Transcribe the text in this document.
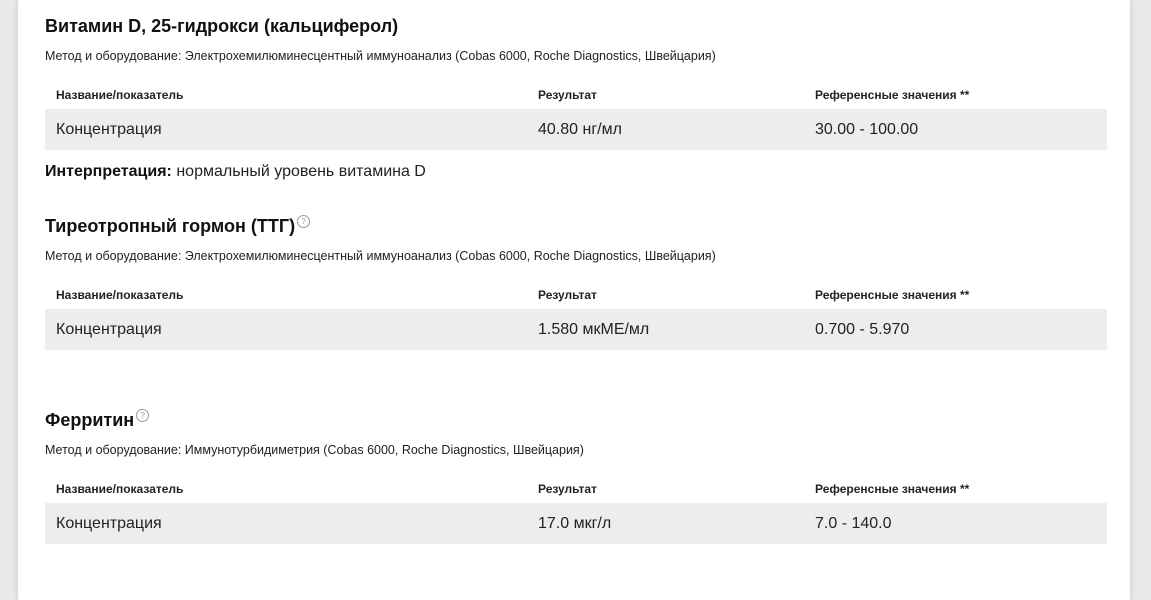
Витамин D, 25-гидрокси (кальциферол)
Метод и оборудование: Электрохемилюминесцентный иммуноанализ (Cobas 6000, Roche Diagnostics, Швейцария)
Название/показатель	Результат	Референсные значения **
Концентрация	40.80 нг/мл	30.00 - 100.00
Интерпретация: нормальный уровень витамина D
Тиреотропный гормон (ТТГ) ?
Метод и оборудование: Электрохемилюминесцентный иммуноанализ (Cobas 6000, Roche Diagnostics, Швейцария)
Название/показатель	Результат	Референсные значения **
Концентрация	1.580 мкМЕ/мл	0.700 - 5.970
Ферритин ?
Метод и оборудование: Иммунотурбидиметрия (Cobas 6000, Roche Diagnostics, Швейцария)
Название/показатель	Результат	Референсные значения **
Концентрация	17.0 мкг/л	7.0 - 140.0
